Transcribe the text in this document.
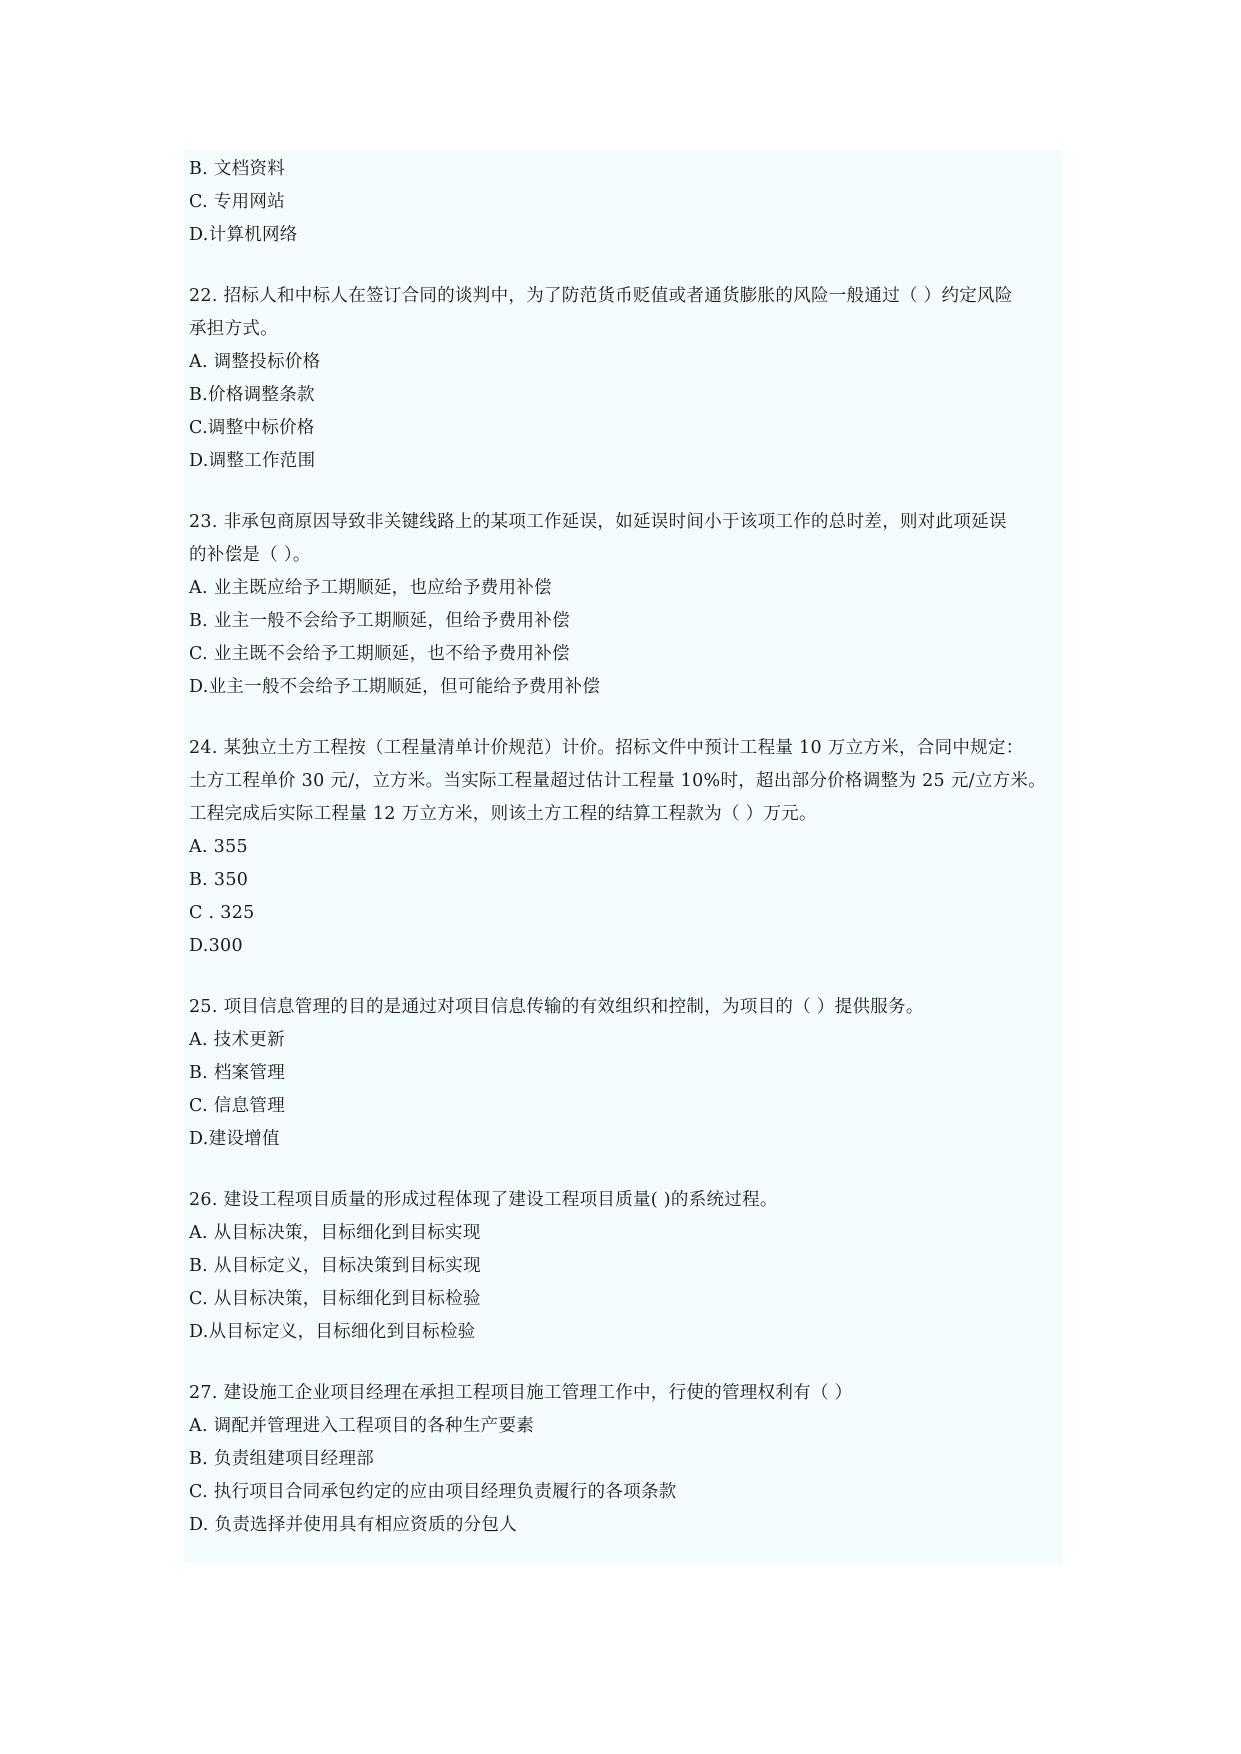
B. 文档资料
C. 专用网站
D.计算机网络
22. 招标人和中标人在签订合同的谈判中，为了防范货币贬值或者通货膨胀的风险一般通过（ ）约定风险
承担方式。
A. 调整投标价格
B.价格调整条款
C.调整中标价格
D.调整工作范围
23. 非承包商原因导致非关键线路上的某项工作延误，如延误时间小于该项工作的总时差，则对此项延误
的补偿是（ ）。
A. 业主既应给予工期顺延，也应给予费用补偿
B. 业主一般不会给予工期顺延，但给予费用补偿
C. 业主既不会给予工期顺延，也不给予费用补偿
D.业主一般不会给予工期顺延，但可能给予费用补偿
24. 某独立土方工程按（工程量清单计价规范）计价。招标文件中预计工程量 10 万立方米，合同中规定：
土方工程单价 30 元/，立方米。当实际工程量超过估计工程量 10%时，超出部分价格调整为 25 元/立方米。
工程完成后实际工程量 12 万立方米，则该土方工程的结算工程款为（ ）万元。
A. 355
B. 350
C . 325
D.300
25. 项目信息管理的目的是通过对项目信息传输的有效组织和控制，为项目的（ ）提供服务。
A. 技术更新
B. 档案管理
C. 信息管理
D.建设增值
26. 建设工程项目质量的形成过程体现了建设工程项目质量( )的系统过程。
A. 从目标决策，目标细化到目标实现
B. 从目标定义，目标决策到目标实现
C. 从目标决策，目标细化到目标检验
D.从目标定义，目标细化到目标检验
27. 建设施工企业项目经理在承担工程项目施工管理工作中，行使的管理权利有（ ）
A. 调配并管理进入工程项目的各种生产要素
B. 负责组建项目经理部
C. 执行项目合同承包约定的应由项目经理负责履行的各项条款
D. 负责选择并使用具有相应资质的分包人
